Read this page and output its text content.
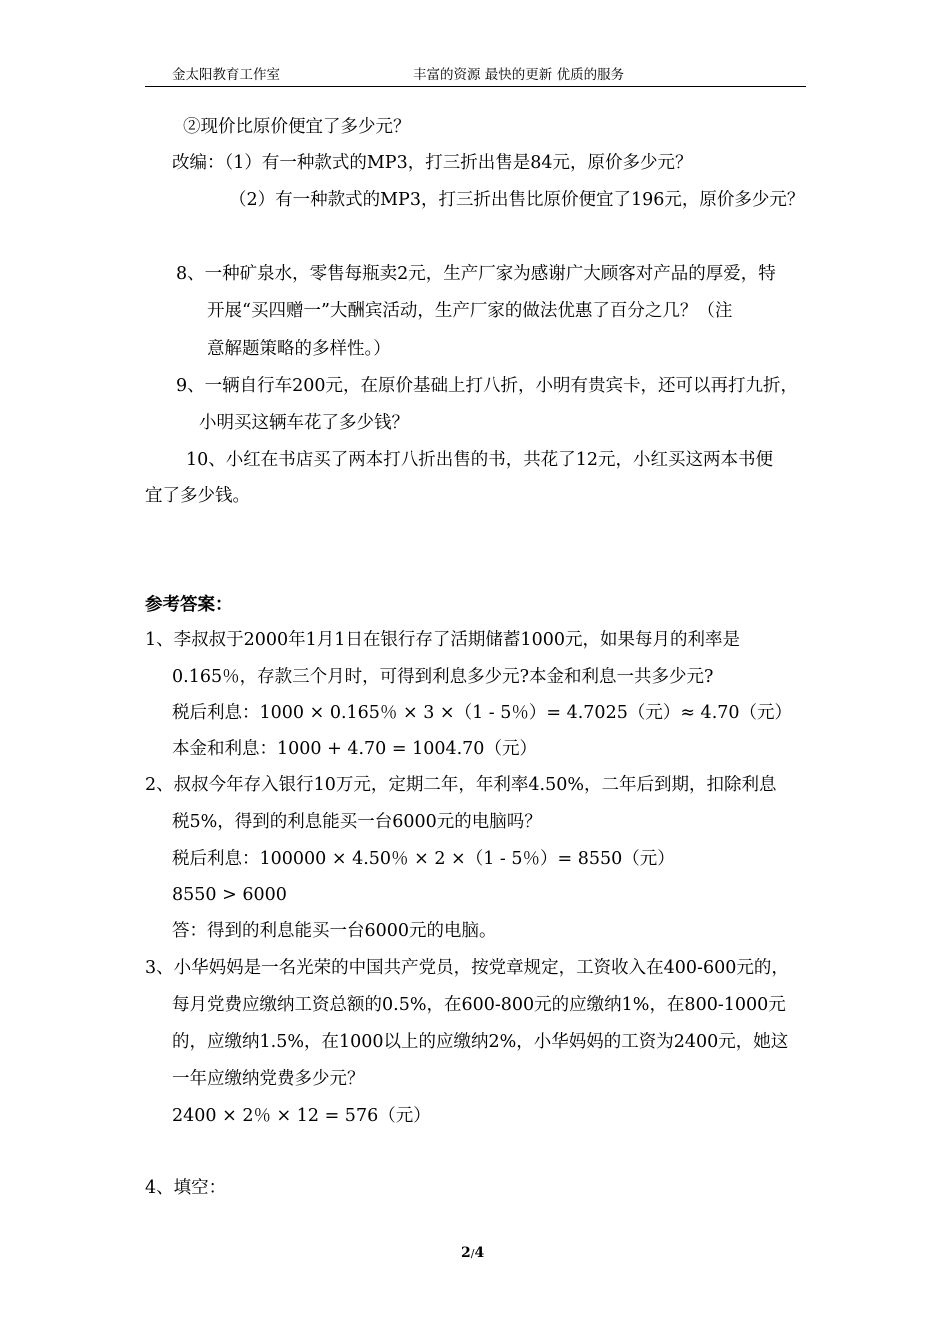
金太阳教育工作室	丰富的资源 最快的更新 优质的服务
②现价比原价便宜了多少元？
改编：（1）有一种款式的MP3，打三折出售是84元，原价多少元？
（2）有一种款式的MP3，打三折出售比原价便宜了196元，原价多少元？
8、一种矿泉水，零售每瓶卖2元，生产厂家为感谢广大顾客对产品的厚爱，特
开展“买四赠一”大酬宾活动，生产厂家的做法优惠了百分之几？（注
意解题策略的多样性。）
9、一辆自行车200元，在原价基础上打八折，小明有贵宾卡，还可以再打九折，
小明买这辆车花了多少钱？
10、小红在书店买了两本打八折出售的书，共花了12元，小红买这两本书便
宜了多少钱。
参考答案：
1、李叔叔于2000年1月1日在银行存了活期储蓄1000元，如果每月的利率是
0.165％，存款三个月时，可得到利息多少元?本金和利息一共多少元?
税后利息：1000 × 0.165％ × 3 ×（1 - 5％）= 4.7025（元）≈ 4.70（元）
本金和利息：1000 + 4.70 = 1004.70（元）
2、叔叔今年存入银行10万元，定期二年，年利率4.50%，二年后到期，扣除利息
税5%，得到的利息能买一台6000元的电脑吗？
税后利息：100000 × 4.50％ × 2 ×（1 - 5％）= 8550（元）
8550 > 6000
答：得到的利息能买一台6000元的电脑。
3、小华妈妈是一名光荣的中国共产党员，按党章规定，工资收入在400-600元的，
每月党费应缴纳工资总额的0.5%，在600-800元的应缴纳1%，在800-1000元
的，应缴纳1.5%，在1000以上的应缴纳2%，小华妈妈的工资为2400元，她这
一年应缴纳党费多少元？
2400 × 2％ × 12 = 576（元）
4、填空：
2/4
